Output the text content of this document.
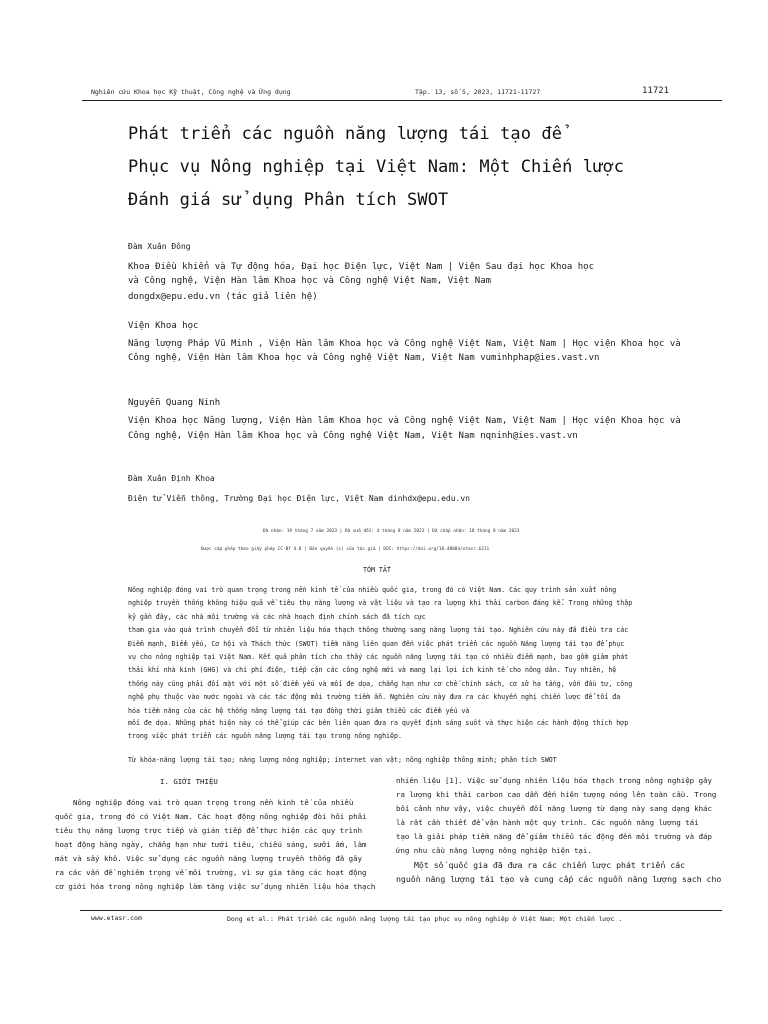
Nghiên cứu Khoa học Kỹ thuật, Công nghệ và Ứng dụng	Tập. 13, số 5, 2023, 11721-11727	11721
Phát triển các nguồn năng lượng tái tạo để
Phục vụ Nông nghiệp tại Việt Nam: Một Chiến lược
Đánh giá sử dụng Phân tích SWOT
Đàm Xuân Đông
Khoa Điều khiển và Tự động hóa, Đại học Điện lực, Việt Nam | Viện Sau đại học Khoa học
và Công nghệ, Viện Hàn lâm Khoa học và Công nghệ Việt Nam, Việt Nam
dongdx@epu.edu.vn (tác giả liên hệ)
Viện Khoa học
Năng lượng Pháp Vũ Minh , Viện Hàn lâm Khoa học và Công nghệ Việt Nam, Việt Nam | Học viện Khoa học và
Công nghệ, Viện Hàn lâm Khoa học và Công nghệ Việt Nam, Việt Nam vuminhphap@ies.vast.vn
Nguyễn Quang Ninh
Viện Khoa học Năng lượng, Viện Hàn lâm Khoa học và Công nghệ Việt Nam, Việt Nam | Học viện Khoa học và
Công nghệ, Viện Hàn lâm Khoa học và Công nghệ Việt Nam, Việt Nam nqninh@ies.vast.vn
Đàm Xuân Định Khoa
Điện tử Viễn thông, Trường Đại học Điện lực, Việt Nam dinhdx@epu.edu.vn
Đã nhận: 19 tháng 7 năm 2023 | Đã sửa đổi: 4 tháng 8 năm 2023 | Đã chấp nhận: 18 tháng 8 năm 2023
Được cấp phép theo giấy phép CC-BY 4.0 | Bản quyền (c) của tác giả | DOI: https://doi.org/10.48084/etasr.6211
TÓM TẮT
Nông nghiệp đóng vai trò quan trọng trong nền kinh tế của nhiều quốc gia, trong đó có Việt Nam. Các quy trình sản xuất nông
nghiệp truyền thống không hiệu quả về tiêu thụ năng lượng và vật liệu và tạo ra lượng khí thải carbon đáng kể. Trong những thập
kỷ gần đây, các nhà môi trường và các nhà hoạch định chính sách đã tích cực
tham gia vào quá trình chuyển đổi từ nhiên liệu hóa thạch thông thường sang năng lượng tái tạo. Nghiên cứu này đã điều tra các
Điểm mạnh, Điểm yếu, Cơ hội và Thách thức (SWOT) tiềm năng liên quan đến việc phát triển các nguồn Năng lượng tái tạo để phục
vụ cho nông nghiệp tại Việt Nam. Kết quả phân tích cho thấy các nguồn năng lượng tái tạo có nhiều điểm mạnh, bao gồm giảm phát
thải khí nhà kính (GHG) và chi phí điện, tiếp cận các công nghệ mới và mang lại lợi ích kinh tế cho nông dân. Tuy nhiên, hệ
thống này cũng phải đối mặt với một số điểm yếu và mối đe dọa, chẳng hạn như cơ chế chính sách, cơ sở hạ tầng, vốn đầu tư, công
nghệ phụ thuộc vào nước ngoài và các tác động môi trường tiềm ẩn. Nghiên cứu này đưa ra các khuyến nghị chiến lược để tối đa
hóa tiềm năng của các hệ thống năng lượng tái tạo đồng thời giảm thiểu các điểm yếu và
mối đe dọa. Những phát hiện này có thể giúp các bên liên quan đưa ra quyết định sáng suốt và thực hiện các hành động thích hợp
trong việc phát triển các nguồn năng lượng tái tạo trong nông nghiệp.
Từ khóa-năng lượng tái tạo; năng lượng nông nghiệp; internet van vật; nông nghiệp thông minh; phân tích SWOT
I. GIỚI THIỆU
Nông nghiệp đóng vai trò quan trọng trong nền kinh tế của nhiều
quốc gia, trong đó có Việt Nam. Các hoạt động nông nghiệp đòi hỏi phải
tiêu thụ năng lượng trực tiếp và gián tiếp để thực hiện các quy trình
hoạt động hàng ngày, chẳng hạn như tưới tiêu, chiếu sáng, sưởi ấm, làm
mát và sấy khô. Việc sử dụng các nguồn năng lượng truyền thống đã gây
ra các vấn đề nghiêm trọng về môi trường, vì sự gia tăng các hoạt động
cơ giới hóa trong nông nghiệp làm tăng việc sử dụng nhiên liệu hóa thạch
nhiên liệu [1]. Việc sử dụng nhiên liệu hóa thạch trong nông nghiệp gây
ra lượng khí thải carbon cao dẫn đến hiện tượng nóng lên toàn cầu. Trong
bối cảnh như vậy, việc chuyển đổi năng lượng từ dạng này sang dạng khác
là rất cần thiết để vận hành một quy trình. Các nguồn năng lượng tái
tạo là giải pháp tiềm năng để giảm thiểu tác động đến môi trường và đáp
ứng nhu cầu năng lượng nông nghiệp hiện tại.
Một số quốc gia đã đưa ra các chiến lược phát triển các
nguồn năng lượng tái tạo và cung cấp các nguồn năng lượng sạch cho
www.etasr.com	Dong et al.: Phát triển các nguồn năng lượng tái tạo phục vụ nông nghiệp ở Việt Nam: Một chiến lược .
